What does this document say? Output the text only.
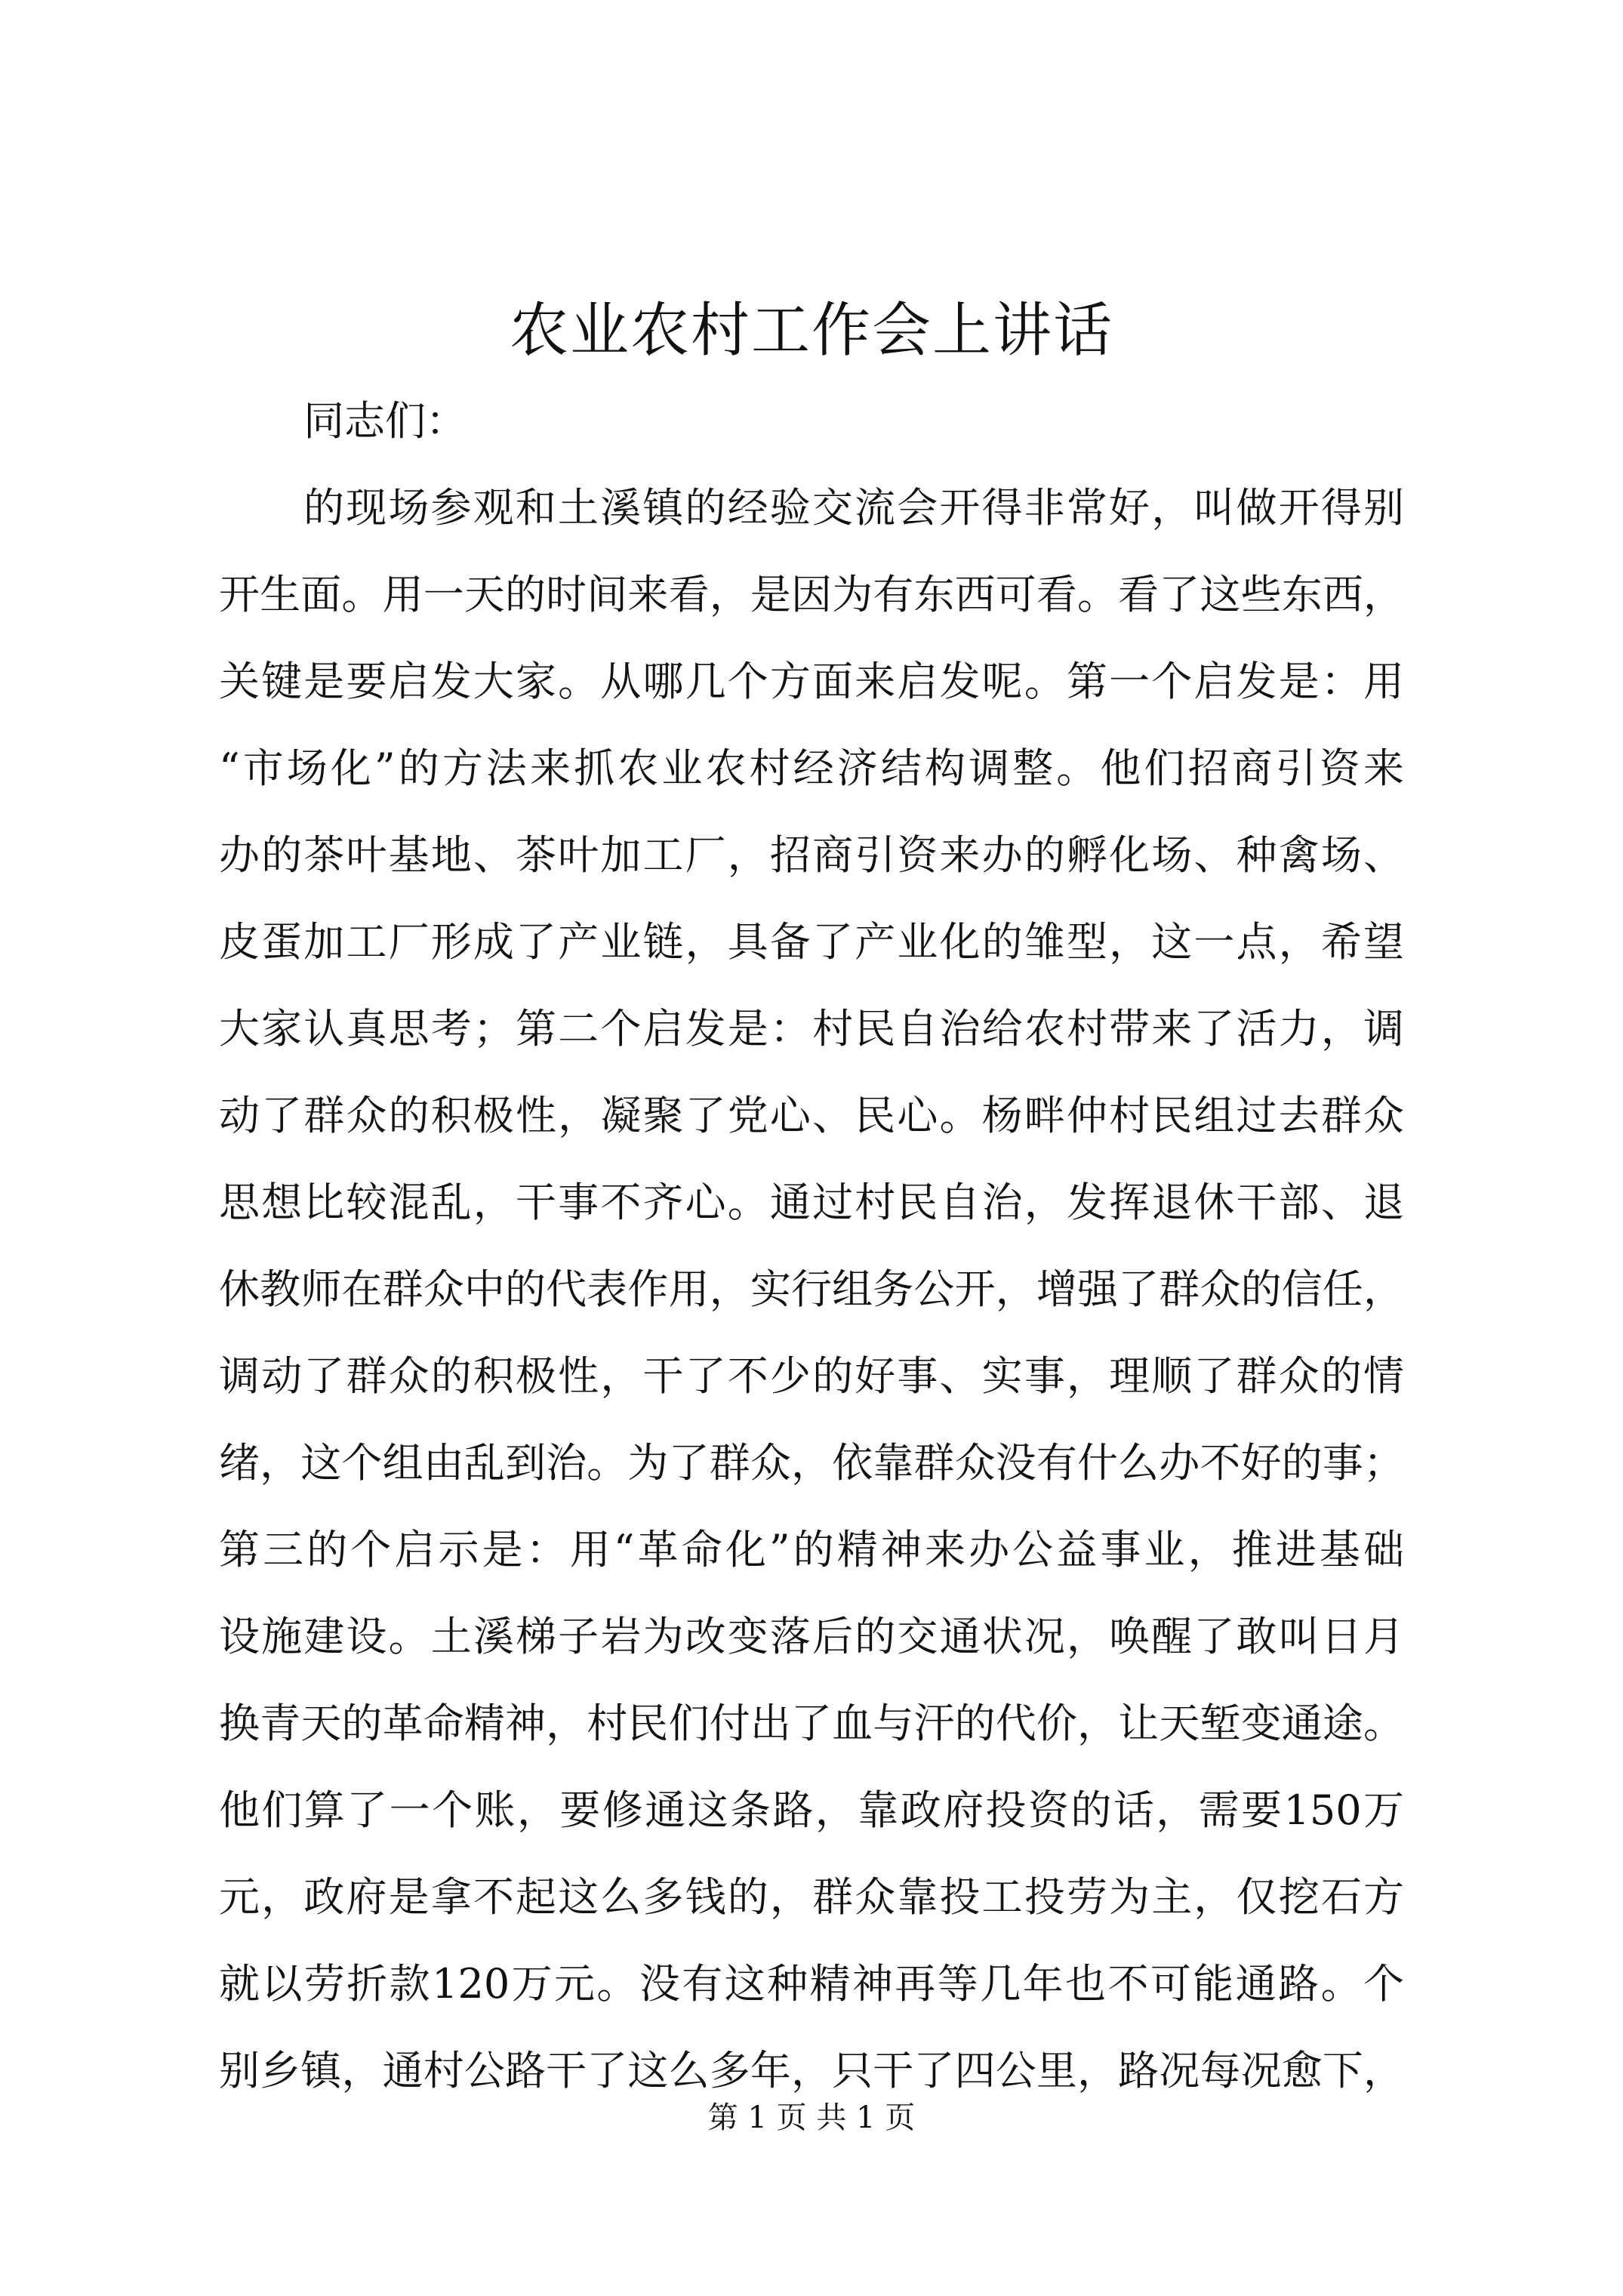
农业农村工作会上讲话
同志们：
的现场参观和土溪镇的经验交流会开得非常好，叫做开得别
开生面。用一天的时间来看，是因为有东西可看。看了这些东西，
关键是要启发大家。从哪几个方面来启发呢。第一个启发是：用
“市场化”的方法来抓农业农村经济结构调整。他们招商引资来
办的茶叶基地、茶叶加工厂，招商引资来办的孵化场、种禽场、
皮蛋加工厂形成了产业链，具备了产业化的雏型，这一点，希望
大家认真思考；第二个启发是：村民自治给农村带来了活力，调
动了群众的积极性，凝聚了党心、民心。杨畔仲村民组过去群众
思想比较混乱，干事不齐心。通过村民自治，发挥退休干部、退
休教师在群众中的代表作用，实行组务公开，增强了群众的信任，
调动了群众的积极性，干了不少的好事、实事，理顺了群众的情
绪，这个组由乱到治。为了群众，依靠群众没有什么办不好的事；
第三的个启示是：用“革命化”的精神来办公益事业，推进基础
设施建设。土溪梯子岩为改变落后的交通状况，唤醒了敢叫日月
换青天的革命精神，村民们付出了血与汗的代价，让天堑变通途。
他们算了一个账，要修通这条路，靠政府投资的话，需要150万
元，政府是拿不起这么多钱的，群众靠投工投劳为主，仅挖石方
就以劳折款120万元。没有这种精神再等几年也不可能通路。个
别乡镇，通村公路干了这么多年，只干了四公里，路况每况愈下，
第 1 页 共 1 页
